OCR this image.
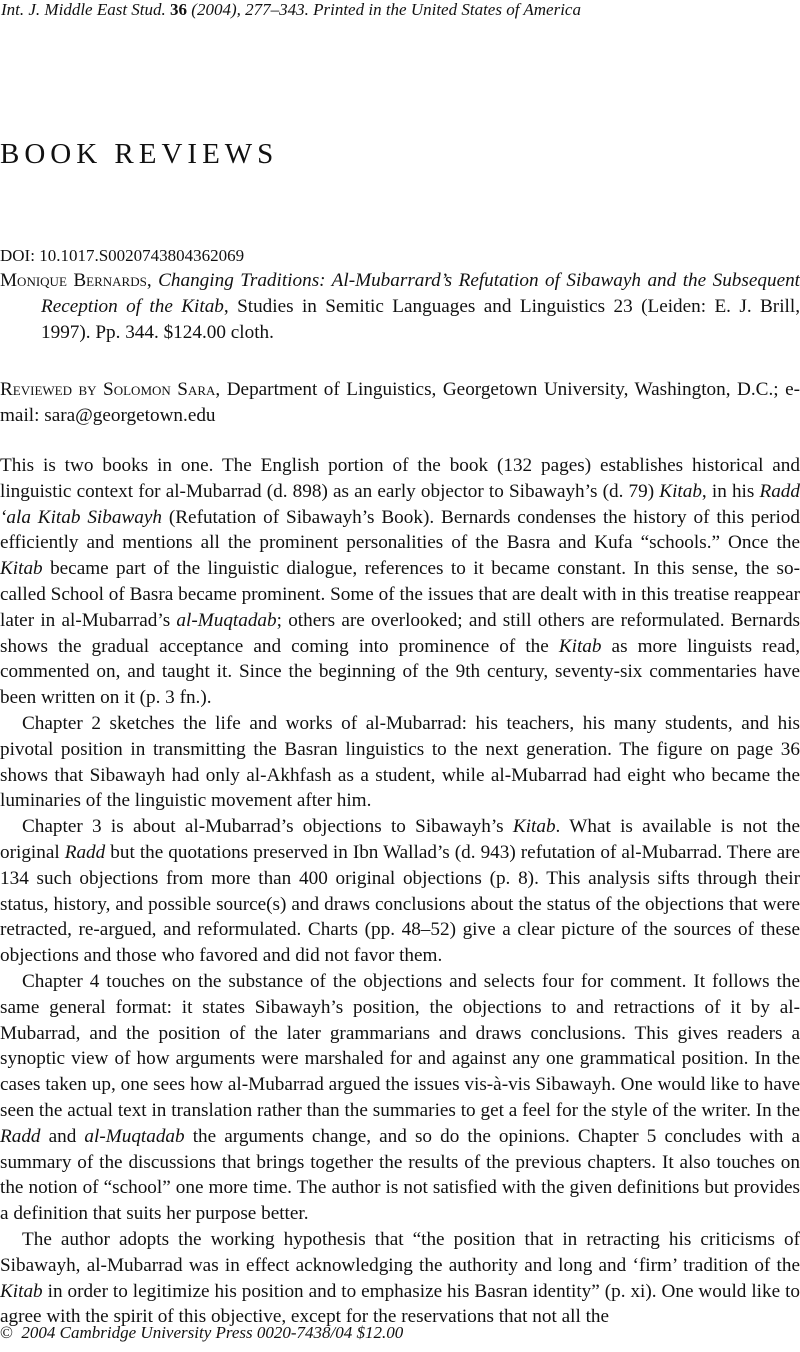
Int. J. Middle East Stud. 36 (2004), 277–343. Printed in the United States of America
BOOK REVIEWS
DOI: 10.1017.S0020743804362069
Monique Bernards, Changing Traditions: Al-Mubarrard’s Refutation of Sibawayh and the Subsequent Reception of the Kitab, Studies in Semitic Languages and Linguistics 23 (Leiden: E. J. Brill, 1997). Pp. 344. $124.00 cloth.
Reviewed by Solomon Sara, Department of Linguistics, Georgetown University, Washington, D.C.; e-mail: sara@georgetown.edu

This is two books in one. The English portion of the book (132 pages) establishes historical and linguistic context for al-Mubarrad (d. 898) as an early objector to Sibawayh’s (d. 79) Kitab, in his Radd ‘ala Kitab Sibawayh (Refutation of Sibawayh’s Book). Bernards condenses the history of this period efficiently and mentions all the prominent personalities of the Basra and Kufa “schools.” Once the Kitab became part of the linguistic dialogue, references to it became constant. In this sense, the so-called School of Basra became prominent. Some of the issues that are dealt with in this treatise reappear later in al-Mubarrad’s al-Muqtadab; others are overlooked; and still others are reformulated. Bernards shows the gradual acceptance and coming into prominence of the Kitab as more linguists read, commented on, and taught it. Since the beginning of the 9th century, seventy-six commentaries have been written on it (p. 3 fn.).

Chapter 2 sketches the life and works of al-Mubarrad: his teachers, his many students, and his pivotal position in transmitting the Basran linguistics to the next generation. The figure on page 36 shows that Sibawayh had only al-Akhfash as a student, while al-Mubarrad had eight who became the luminaries of the linguistic movement after him.

Chapter 3 is about al-Mubarrad’s objections to Sibawayh’s Kitab. What is available is not the original Radd but the quotations preserved in Ibn Wallad’s (d. 943) refutation of al-Mubarrad. There are 134 such objections from more than 400 original objections (p. 8). This analysis sifts through their status, history, and possible source(s) and draws conclusions about the status of the objections that were retracted, re-argued, and reformulated. Charts (pp. 48–52) give a clear picture of the sources of these objections and those who favored and did not favor them.

Chapter 4 touches on the substance of the objections and selects four for comment. It follows the same general format: it states Sibawayh’s position, the objections to and retractions of it by al-Mubarrad, and the position of the later grammarians and draws conclusions. This gives readers a synoptic view of how arguments were marshaled for and against any one grammatical position. In the cases taken up, one sees how al-Mubarrad argued the issues vis-à-vis Sibawayh. One would like to have seen the actual text in translation rather than the summaries to get a feel for the style of the writer. In the Radd and al-Muqtadab the arguments change, and so do the opinions. Chapter 5 concludes with a summary of the discussions that brings together the results of the previous chapters. It also touches on the notion of “school” one more time. The author is not satisfied with the given definitions but provides a definition that suits her purpose better.

The author adopts the working hypothesis that “the position that in retracting his criticisms of Sibawayh, al-Mubarrad was in effect acknowledging the authority and long and ‘firm’ tradition of the Kitab in order to legitimize his position and to emphasize his Basran identity” (p. xi). One would like to agree with the spirit of this objective, except for the reservations that not all the

© 2004 Cambridge University Press 0020-7438/04 $12.00
